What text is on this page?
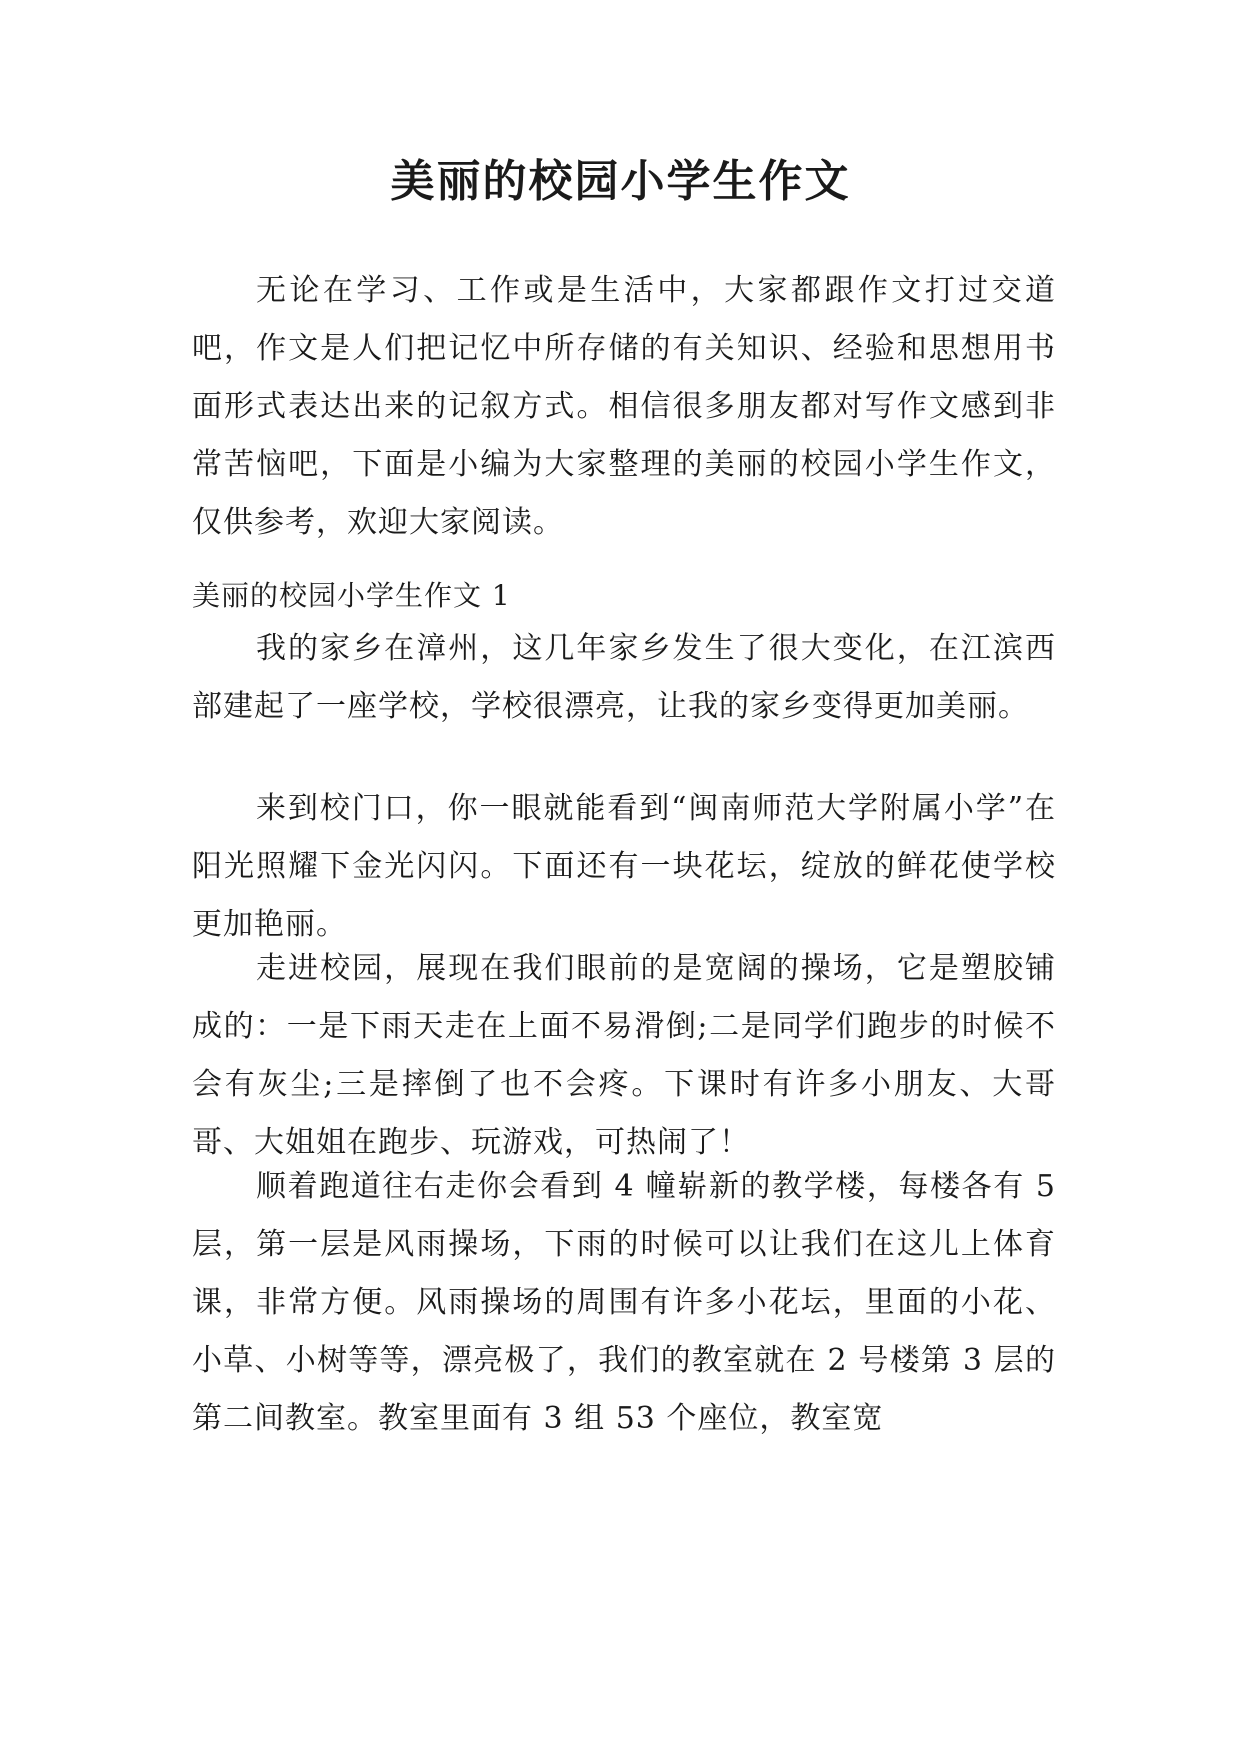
美丽的校园小学生作文

无论在学习、工作或是生活中，大家都跟作文打过交道吧，作文是人们把记忆中所存储的有关知识、经验和思想用书面形式表达出来的记叙方式。相信很多朋友都对写作文感到非常苦恼吧，下面是小编为大家整理的美丽的校园小学生作文，仅供参考，欢迎大家阅读。

美丽的校园小学生作文 1

我的家乡在漳州，这几年家乡发生了很大变化，在江滨西部建起了一座学校，学校很漂亮，让我的家乡变得更加美丽。

来到校门口，你一眼就能看到“闽南师范大学附属小学”在阳光照耀下金光闪闪。下面还有一块花坛，绽放的鲜花使学校更加艳丽。

走进校园，展现在我们眼前的是宽阔的操场，它是塑胶铺成的：一是下雨天走在上面不易滑倒;二是同学们跑步的时候不会有灰尘;三是摔倒了也不会疼。下课时有许多小朋友、大哥哥、大姐姐在跑步、玩游戏，可热闹了！

顺着跑道往右走你会看到 4 幢崭新的教学楼，每楼各有 5 层，第一层是风雨操场，下雨的时候可以让我们在这儿上体育课，非常方便。风雨操场的周围有许多小花坛，里面的小花、小草、小树等等，漂亮极了，我们的教室就在 2 号楼第 3 层的第二间教室。教室里面有 3 组 53 个座位，教室宽
